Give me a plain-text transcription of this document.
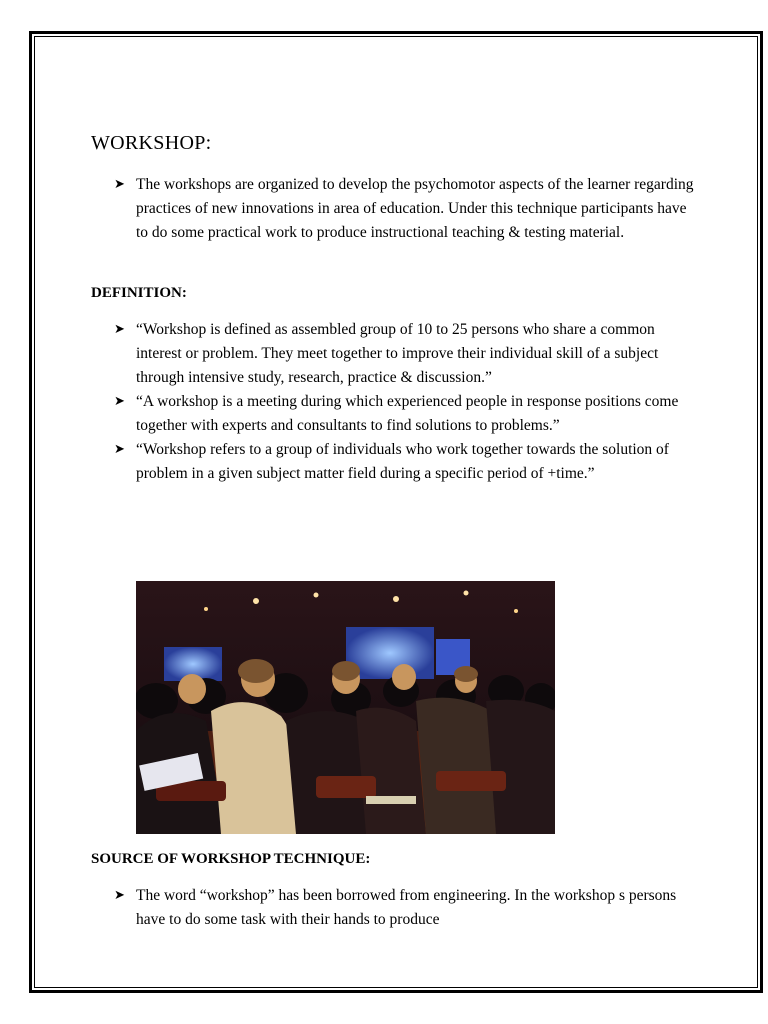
WORKSHOP:
➤ The workshops are organized to develop the psychomotor aspects of the learner regarding practices of new innovations in area of education. Under this technique participants have to do some practical work to produce instructional teaching & testing material.
DEFINITION:
➤ “Workshop is defined as assembled group of 10 to 25 persons who share a common interest or problem. They meet together to improve their individual skill of a subject through intensive study, research, practice & discussion.”
➤ “A workshop is a meeting during which experienced people in response positions come together with experts and consultants to find solutions to problems.”
➤ “Workshop refers to a group of individuals who work together towards the solution of problem in a given subject matter field during a specific period of +time.”
SOURCE OF WORKSHOP TECHNIQUE:
➤ The word “workshop” has been borrowed from engineering. In the workshop s persons have to do some task with their hands to produce
